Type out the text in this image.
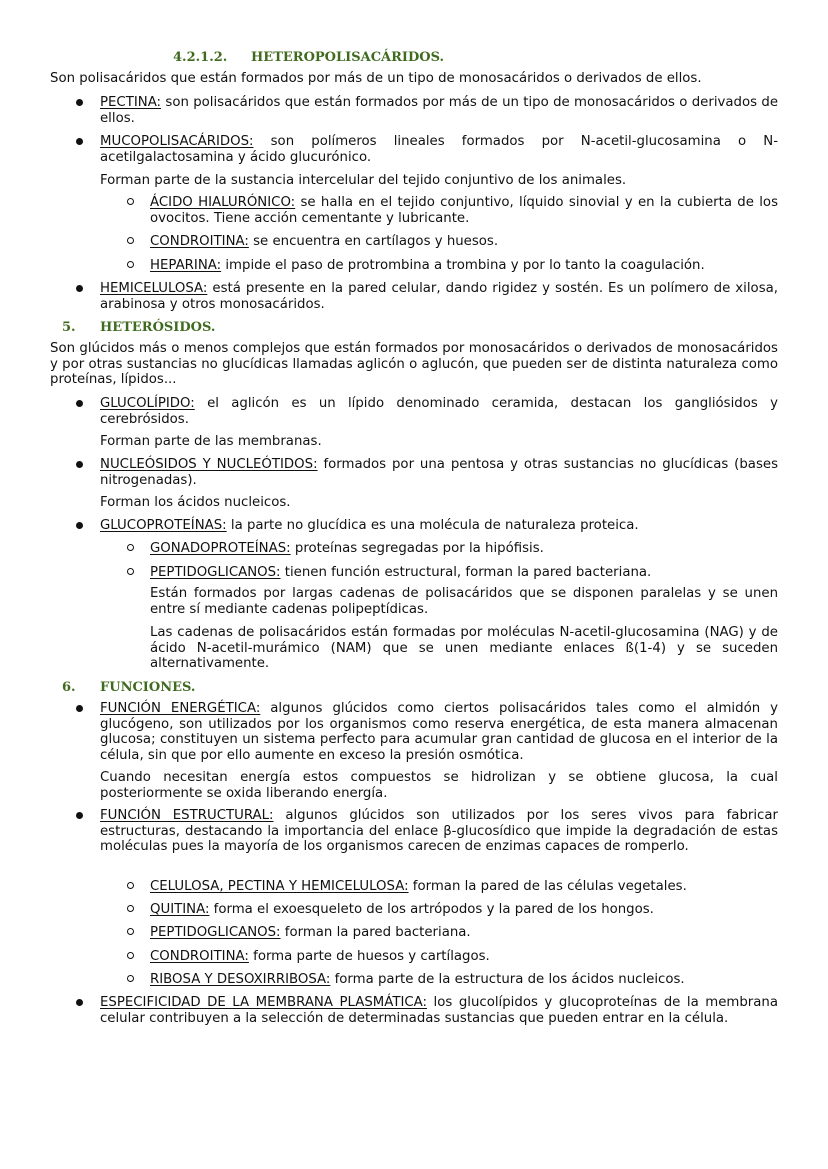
4.2.1.2. HETEROPOLISACÁRIDOS.

Son polisacáridos que están formados por más de un tipo de monosacáridos o derivados de ellos.

PECTINA: son polisacáridos que están formados por más de un tipo de monosacáridos o derivados de ellos.

MUCOPOLISACÁRIDOS: son polímeros lineales formados por N-acetil-glucosamina o N-acetilgalactosamina y ácido glucurónico.

Forman parte de la sustancia intercelular del tejido conjuntivo de los animales.

ÁCIDO HIALURÓNICO: se halla en el tejido conjuntivo, líquido sinovial y en la cubierta de los ovocitos. Tiene acción cementante y lubricante.

CONDROITINA: se encuentra en cartílagos y huesos.

HEPARINA: impide el paso de protrombina a trombina y por lo tanto la coagulación.

HEMICELULOSA: está presente en la pared celular, dando rigidez y sostén. Es un polímero de xilosa, arabinosa y otros monosacáridos.

5. HETERÓSIDOS.

Son glúcidos más o menos complejos que están formados por monosacáridos o derivados de monosacáridos y por otras sustancias no glucídicas llamadas aglicón o aglucón, que pueden ser de distinta naturaleza como proteínas, lípidos...

GLUCOLÍPIDO: el aglicón es un lípido denominado ceramida, destacan los gangliósidos y cerebrósidos.

Forman parte de las membranas.

NUCLEÓSIDOS Y NUCLEÓTIDOS: formados por una pentosa y otras sustancias no glucídicas (bases nitrogenadas).

Forman los ácidos nucleicos.

GLUCOPROTEÍNAS: la parte no glucídica es una molécula de naturaleza proteica.

GONADOPROTEÍNAS: proteínas segregadas por la hipófisis.

PEPTIDOGLICANOS: tienen función estructural, forman la pared bacteriana.

Están formados por largas cadenas de polisacáridos que se disponen paralelas y se unen entre sí mediante cadenas polipeptídicas.

Las cadenas de polisacáridos están formadas por moléculas N-acetil-glucosamina (NAG) y de ácido N-acetil-murámico (NAM) que se unen mediante enlaces ß(1-4) y se suceden alternativamente.

6. FUNCIONES.

FUNCIÓN ENERGÉTICA: algunos glúcidos como ciertos polisacáridos tales como el almidón y glucógeno, son utilizados por los organismos como reserva energética, de esta manera almacenan glucosa; constituyen un sistema perfecto para acumular gran cantidad de glucosa en el interior de la célula, sin que por ello aumente en exceso la presión osmótica.

Cuando necesitan energía estos compuestos se hidrolizan y se obtiene glucosa, la cual posteriormente se oxida liberando energía.

FUNCIÓN ESTRUCTURAL: algunos glúcidos son utilizados por los seres vivos para fabricar estructuras, destacando la importancia del enlace β-glucosídico que impide la degradación de estas moléculas pues la mayoría de los organismos carecen de enzimas capaces de romperlo.

CELULOSA, PECTINA Y HEMICELULOSA: forman la pared de las células vegetales.

QUITINA: forma el exoesqueleto de los artrópodos y la pared de los hongos.

PEPTIDOGLICANOS: forman la pared bacteriana.

CONDROITINA: forma parte de huesos y cartílagos.

RIBOSA Y DESOXIRRIBOSA: forma parte de la estructura de los ácidos nucleicos.

ESPECIFICIDAD DE LA MEMBRANA PLASMÁTICA: los glucolípidos y glucoproteínas de la membrana celular contribuyen a la selección de determinadas sustancias que pueden entrar en la célula.
